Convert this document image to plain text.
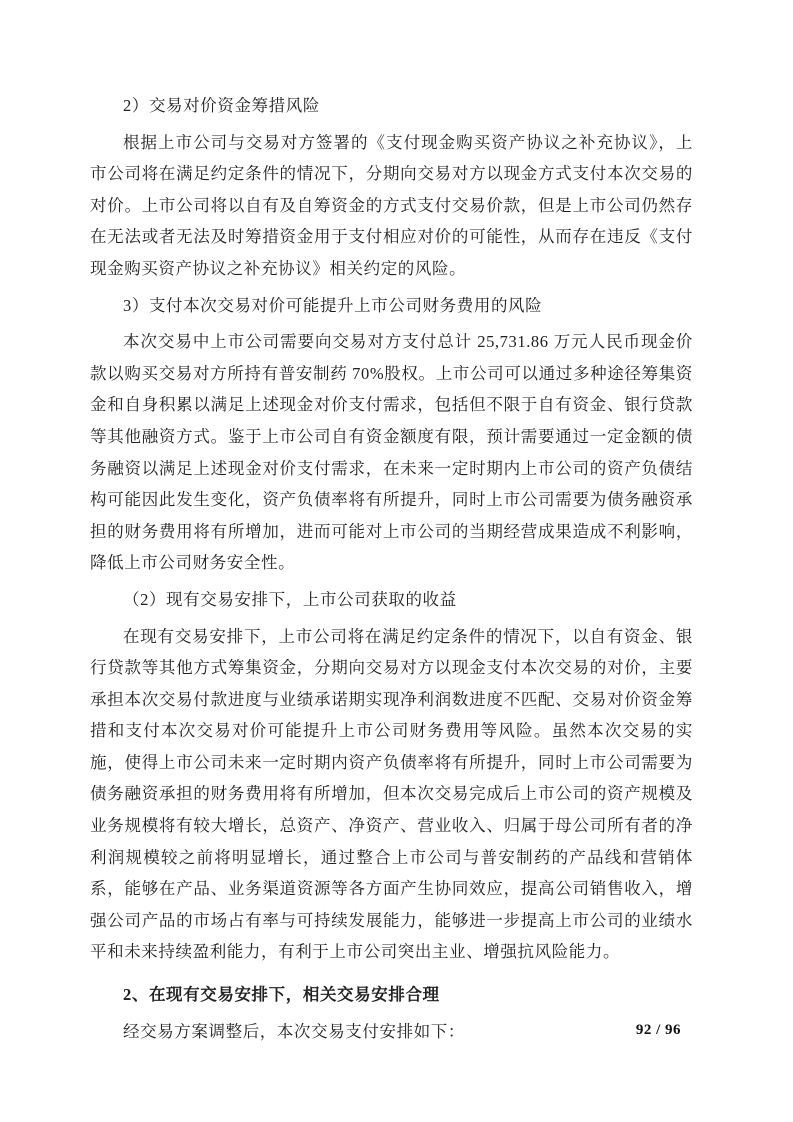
2）交易对价资金筹措风险

根据上市公司与交易对方签署的《支付现金购买资产协议之补充协议》，上市公司将在满足约定条件的情况下，分期向交易对方以现金方式支付本次交易的对价。上市公司将以自有及自筹资金的方式支付交易价款，但是上市公司仍然存在无法或者无法及时筹措资金用于支付相应对价的可能性，从而存在违反《支付现金购买资产协议之补充协议》相关约定的风险。

3）支付本次交易对价可能提升上市公司财务费用的风险

本次交易中上市公司需要向交易对方支付总计 25,731.86 万元人民币现金价款以购买交易对方所持有普安制药 70%股权。上市公司可以通过多种途径筹集资金和自身积累以满足上述现金对价支付需求，包括但不限于自有资金、银行贷款等其他融资方式。鉴于上市公司自有资金额度有限，预计需要通过一定金额的债务融资以满足上述现金对价支付需求，在未来一定时期内上市公司的资产负债结构可能因此发生变化，资产负债率将有所提升，同时上市公司需要为债务融资承担的财务费用将有所增加，进而可能对上市公司的当期经营成果造成不利影响，降低上市公司财务安全性。

（2）现有交易安排下，上市公司获取的收益

在现有交易安排下，上市公司将在满足约定条件的情况下，以自有资金、银行贷款等其他方式筹集资金，分期向交易对方以现金支付本次交易的对价，主要承担本次交易付款进度与业绩承诺期实现净利润数进度不匹配、交易对价资金筹措和支付本次交易对价可能提升上市公司财务费用等风险。虽然本次交易的实施，使得上市公司未来一定时期内资产负债率将有所提升，同时上市公司需要为债务融资承担的财务费用将有所增加，但本次交易完成后上市公司的资产规模及业务规模将有较大增长，总资产、净资产、营业收入、归属于母公司所有者的净利润规模较之前将明显增长，通过整合上市公司与普安制药的产品线和营销体系，能够在产品、业务渠道资源等各方面产生协同效应，提高公司销售收入，增强公司产品的市场占有率与可持续发展能力，能够进一步提高上市公司的业绩水平和未来持续盈利能力，有利于上市公司突出主业、增强抗风险能力。

2、在现有交易安排下，相关交易安排合理

经交易方案调整后，本次交易支付安排如下：	92 / 96
